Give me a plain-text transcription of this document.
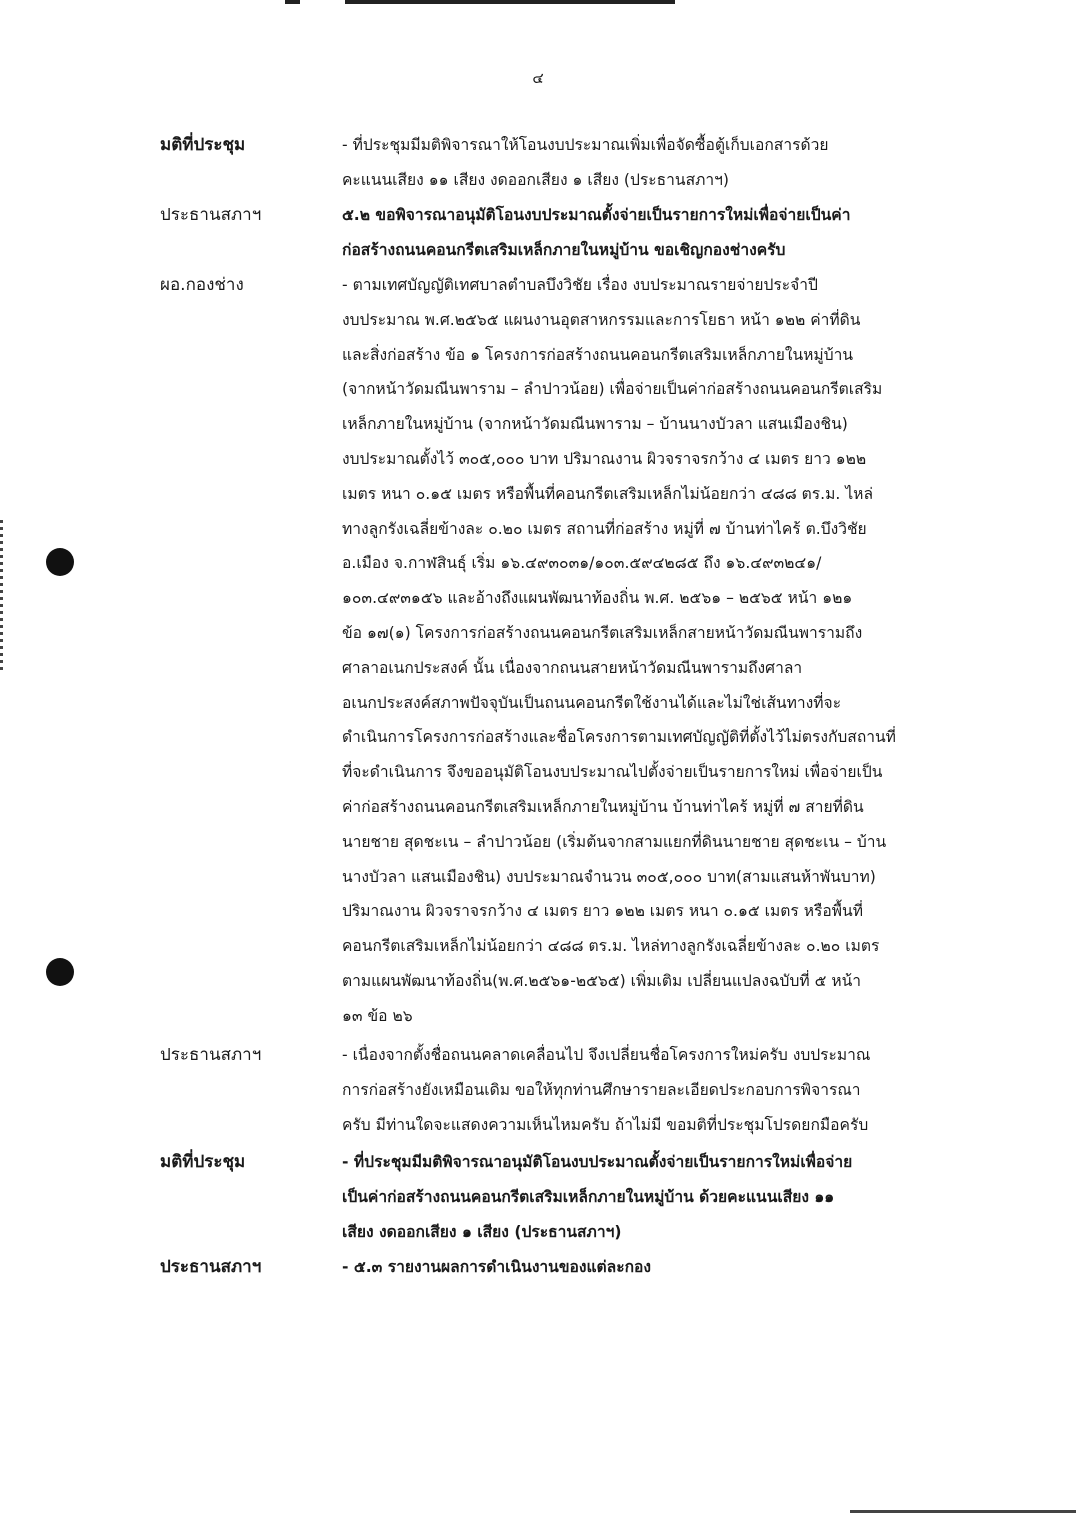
๔
มติที่ประชุม	- ที่ประชุมมีมติพิจารณาให้โอนงบประมาณเพิ่มเพื่อจัดซื้อตู้เก็บเอกสารด้วย
คะแนนเสียง ๑๑ เสียง งดออกเสียง ๑ เสียง (ประธานสภาฯ)
ประธานสภาฯ	๕.๒ ขอพิจารณาอนุมัติโอนงบประมาณตั้งจ่ายเป็นรายการใหม่เพื่อจ่ายเป็นค่า
ก่อสร้างถนนคอนกรีตเสริมเหล็กภายในหมู่บ้าน ขอเชิญกองช่างครับ
ผอ.กองช่าง	- ตามเทศบัญญัติเทศบาลตำบลบึงวิชัย เรื่อง งบประมาณรายจ่ายประจำปี
งบประมาณ พ.ศ.๒๕๖๕ แผนงานอุตสาหกรรมและการโยธา หน้า ๑๒๒ ค่าที่ดิน
และสิ่งก่อสร้าง ข้อ ๑ โครงการก่อสร้างถนนคอนกรีตเสริมเหล็กภายในหมู่บ้าน
(จากหน้าวัดมณีนพาราม – ลำปาวน้อย) เพื่อจ่ายเป็นค่าก่อสร้างถนนคอนกรีตเสริม
เหล็กภายในหมู่บ้าน (จากหน้าวัดมณีนพาราม – บ้านนางบัวลา แสนเมืองชิน)
งบประมาณตั้งไว้ ๓๐๕,๐๐๐ บาท ปริมาณงาน ผิวจราจรกว้าง ๔ เมตร ยาว ๑๒๒
เมตร หนา ๐.๑๕ เมตร หรือพื้นที่คอนกรีตเสริมเหล็กไม่น้อยกว่า ๔๘๘ ตร.ม. ไหล่
ทางลูกรังเฉลี่ยข้างละ ๐.๒๐ เมตร สถานที่ก่อสร้าง หมู่ที่ ๗ บ้านท่าไคร้ ต.บึงวิชัย
อ.เมือง จ.กาฬสินธุ์ เริ่ม ๑๖.๔๙๓๐๓๑/๑๐๓.๕๙๔๒๘๕ ถึง ๑๖.๔๙๓๒๔๑/
๑๐๓.๔๙๓๑๕๖ และอ้างถึงแผนพัฒนาท้องถิ่น พ.ศ. ๒๕๖๑ – ๒๕๖๕ หน้า ๑๒๑
ข้อ ๑๗(๑) โครงการก่อสร้างถนนคอนกรีตเสริมเหล็กสายหน้าวัดมณีนพารามถึง
ศาลาอเนกประสงค์ นั้น เนื่องจากถนนสายหน้าวัดมณีนพารามถึงศาลา
อเนกประสงค์สภาพปัจจุบันเป็นถนนคอนกรีตใช้งานได้และไม่ใช่เส้นทางที่จะ
ดำเนินการโครงการก่อสร้างและชื่อโครงการตามเทศบัญญัติที่ตั้งไว้ไม่ตรงกับสถานที่
ที่จะดำเนินการ จึงขออนุมัติโอนงบประมาณไปตั้งจ่ายเป็นรายการใหม่ เพื่อจ่ายเป็น
ค่าก่อสร้างถนนคอนกรีตเสริมเหล็กภายในหมู่บ้าน บ้านท่าไคร้ หมู่ที่ ๗ สายที่ดิน
นายชาย สุดชะเน – ลำปาวน้อย (เริ่มต้นจากสามแยกที่ดินนายชาย สุดชะเน – บ้าน
นางบัวลา แสนเมืองชิน) งบประมาณจำนวน ๓๐๕,๐๐๐ บาท(สามแสนห้าพันบาท)
ปริมาณงาน ผิวจราจรกว้าง ๔ เมตร ยาว ๑๒๒ เมตร หนา ๐.๑๕ เมตร หรือพื้นที่
คอนกรีตเสริมเหล็กไม่น้อยกว่า ๔๘๘ ตร.ม. ไหล่ทางลูกรังเฉลี่ยข้างละ ๐.๒๐ เมตร
ตามแผนพัฒนาท้องถิ่น(พ.ศ.๒๕๖๑-๒๕๖๕) เพิ่มเติม เปลี่ยนแปลงฉบับที่ ๕ หน้า
๑๓ ข้อ ๒๖
ประธานสภาฯ	- เนื่องจากตั้งชื่อถนนคลาดเคลื่อนไป จึงเปลี่ยนชื่อโครงการใหม่ครับ งบประมาณ
การก่อสร้างยังเหมือนเดิม ขอให้ทุกท่านศึกษารายละเอียดประกอบการพิจารณา
ครับ มีท่านใดจะแสดงความเห็นไหมครับ ถ้าไม่มี ขอมติที่ประชุมโปรดยกมือครับ
มติที่ประชุม	- ที่ประชุมมีมติพิจารณาอนุมัติโอนงบประมาณตั้งจ่ายเป็นรายการใหม่เพื่อจ่าย
เป็นค่าก่อสร้างถนนคอนกรีตเสริมเหล็กภายในหมู่บ้าน ด้วยคะแนนเสียง ๑๑
เสียง งดออกเสียง ๑ เสียง (ประธานสภาฯ)
ประธานสภาฯ	- ๕.๓ รายงานผลการดำเนินงานของแต่ละกอง
